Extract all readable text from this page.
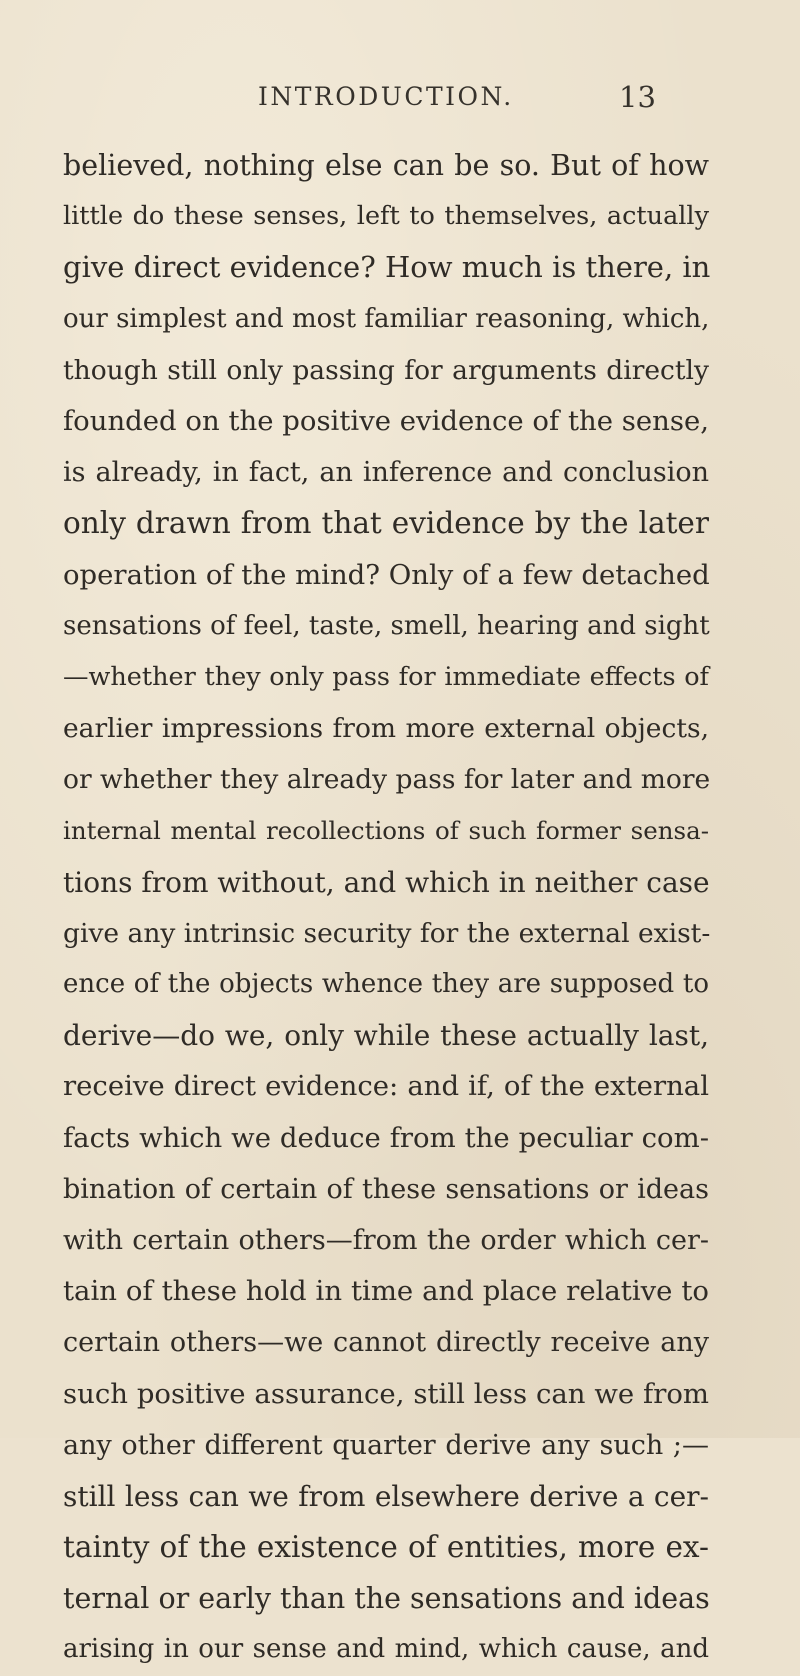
INTRODUCTION.	13
believed, nothing else can be so. But of how
little do these senses, left to themselves, actually
give direct evidence? How much is there, in
our simplest and most familiar reasoning, which,
though still only passing for arguments directly
founded on the positive evidence of the sense,
is already, in fact, an inference and conclusion
only drawn from that evidence by the later
operation of the mind? Only of a few detached
sensations of feel, taste, smell, hearing and sight
—whether they only pass for immediate effects of
earlier impressions from more external objects,
or whether they already pass for later and more
internal mental recollections of such former sensa-
tions from without, and which in neither case
give any intrinsic security for the external exist-
ence of the objects whence they are supposed to
derive—do we, only while these actually last,
receive direct evidence: and if, of the external
facts which we deduce from the peculiar com-
bination of certain of these sensations or ideas
with certain others—from the order which cer-
tain of these hold in time and place relative to
certain others—we cannot directly receive any
such positive assurance, still less can we from
any other different quarter derive any such ;—
still less can we from elsewhere derive a cer-
tainty of the existence of entities, more ex-
ternal or early than the sensations and ideas
arising in our sense and mind, which cause, and
